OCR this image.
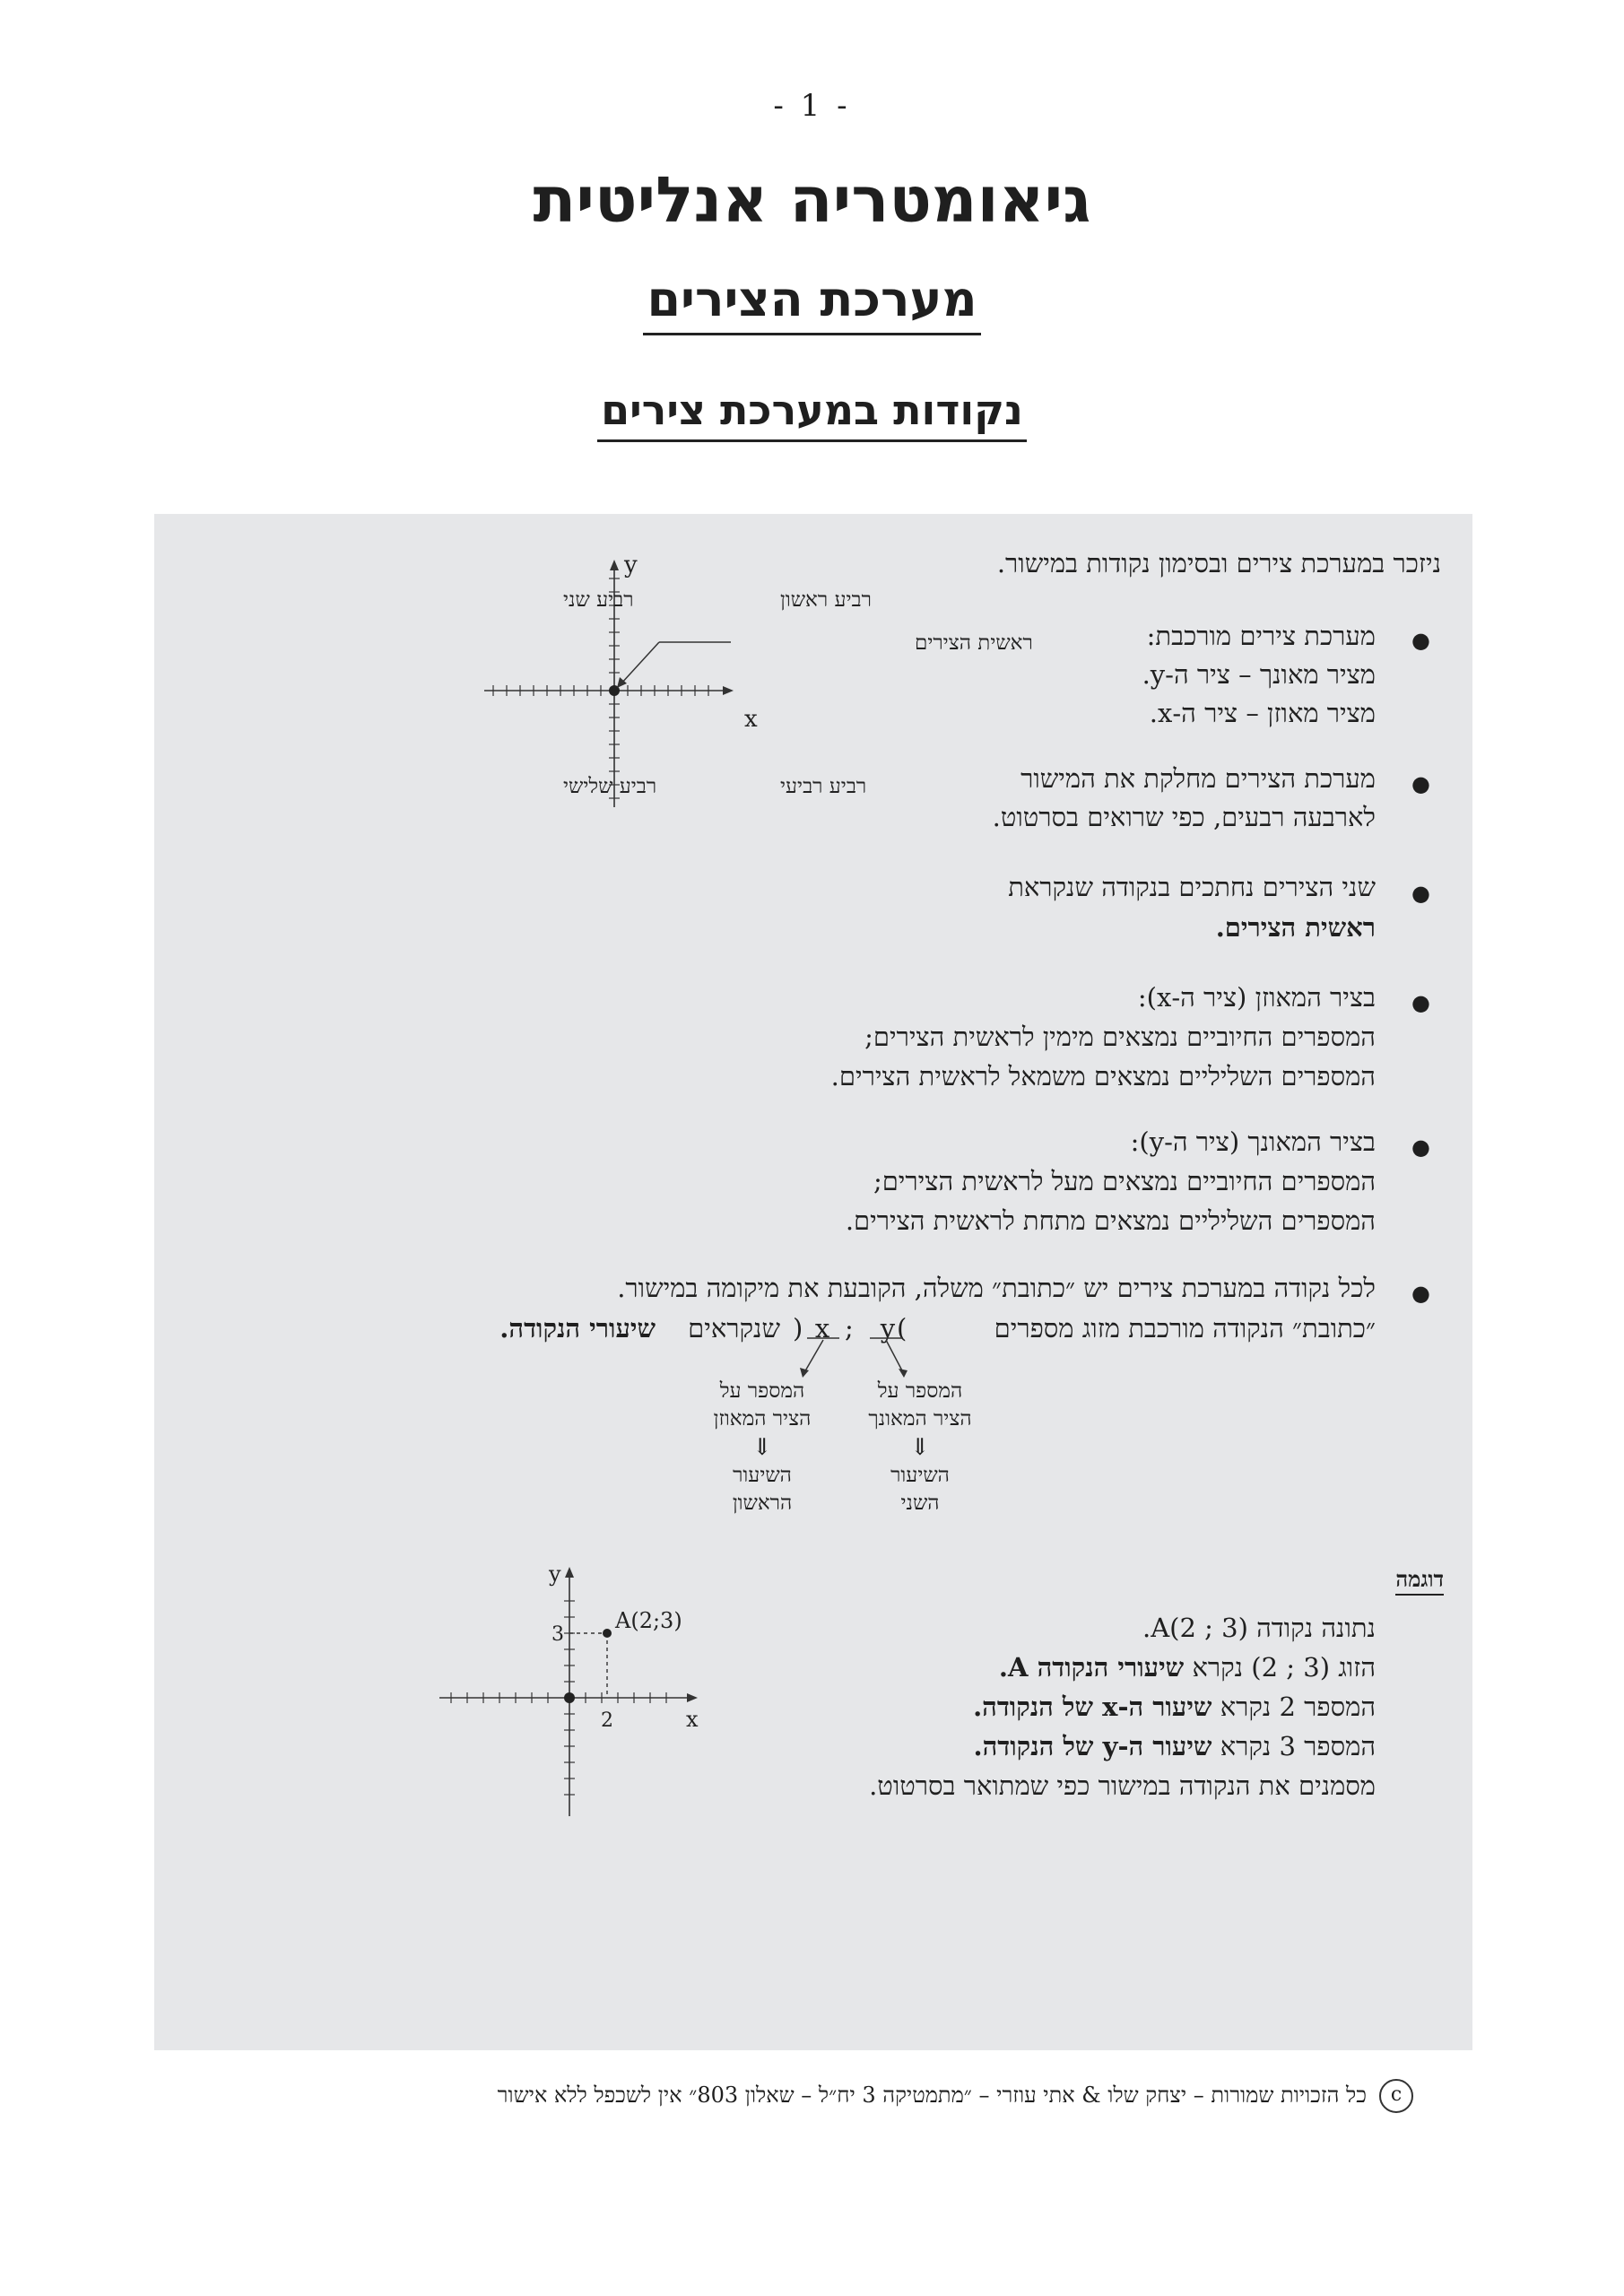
- 1 -
גיאומטריה אנליטית
מערכת הצירים
נקודות במערכת צירים
ניזכר במערכת צירים ובסימון נקודות במישור.
●
מערכת צירים מורכבת:
מציר מאונך – ציר ה-y.
מציר מאוזן – ציר ה-x.
●
מערכת הצירים מחלקת את המישור
לארבעה רבעים, כפי שרואים בסרטוט.
●
שני הצירים נחתכים בנקודה שנקראת
ראשית הצירים.
●
בציר המאוזן (ציר ה-x):
המספרים החיוביים נמצאים מימין לראשית הצירים;
המספרים השליליים נמצאים משמאל לראשית הצירים.
●
בציר המאונך (ציר ה-y):
המספרים החיוביים נמצאים מעל לראשית הצירים;
המספרים השליליים נמצאים מתחת לראשית הצירים.
●
לכל נקודה במערכת צירים יש ״כתובת״ משלה, הקובעת את מיקומה במישור.
״כתובת״ הנקודה מורכבת מזוג מספרים
(
y
;
x
)
שנקראים
שיעורי הנקודה.
המספר על
הציר המאונך
⇓
השיעור
השני
המספר על
הציר המאוזן
⇓
השיעור
הראשון
y
x
רביע ראשון
רביע שני
רביע שלישי	רביע רביעי
ראשית הצירים
דוגמה
נתונה נקודה (3 ; 2)A.
הזוג (3 ; 2) נקרא שיעורי הנקודה A.
המספר 2 נקרא שיעור ה-x של הנקודה.
המספר 3 נקרא שיעור ה-y של הנקודה.
מסמנים את הנקודה במישור כפי שמתואר בסרטוט.
A(2;3)
3
2
y
x
c
כל הזכויות שמורות – יצחק שלו & אתי עוזרי – ״מתמטיקה 3 יח״ל – שאלון 803״ אין לשכפל ללא אישור
